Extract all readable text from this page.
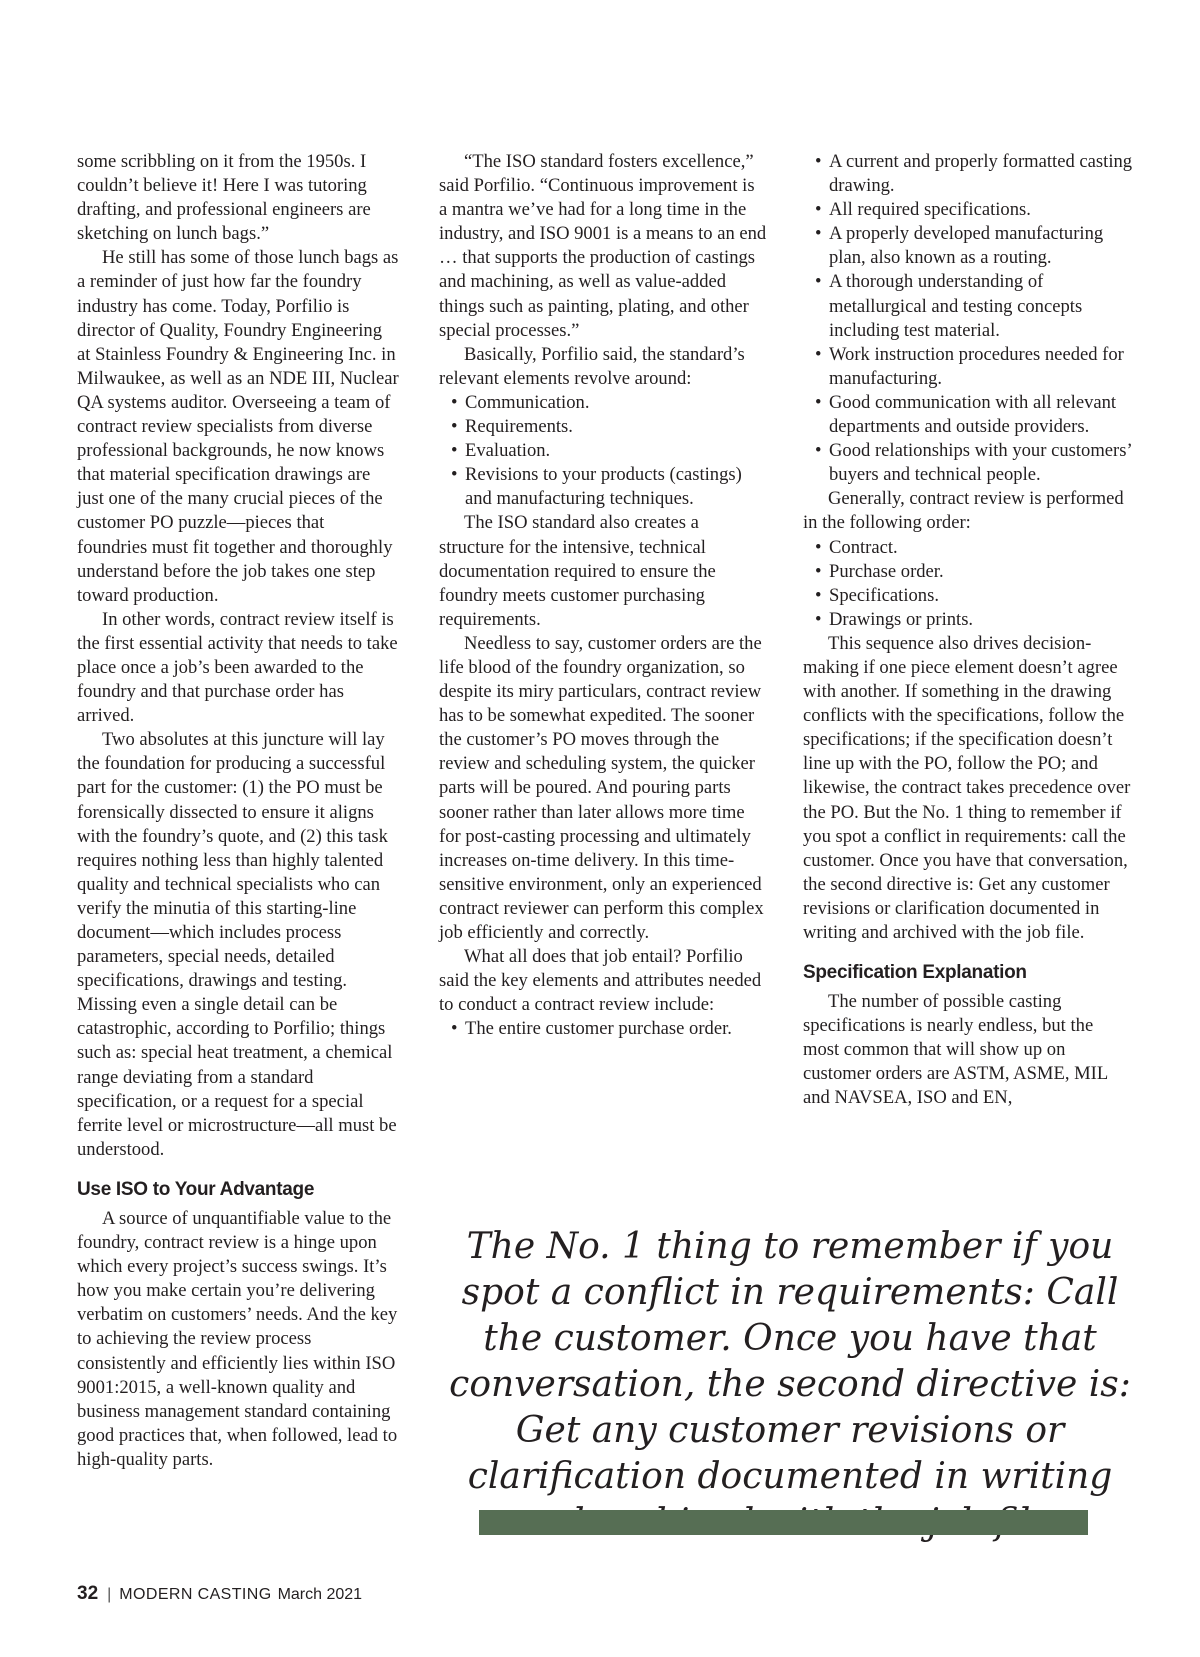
some scribbling on it from the 1950s. I couldn’t believe it! Here I was tutoring drafting, and professional engineers are sketching on lunch bags.”

He still has some of those lunch bags as a reminder of just how far the foundry industry has come. Today, Porfilio is director of Quality, Foundry Engineering at Stainless Foundry & Engineering Inc. in Milwaukee, as well as an NDE III, Nuclear QA systems auditor. Overseeing a team of contract review specialists from diverse professional backgrounds, he now knows that material specification drawings are just one of the many crucial pieces of the customer PO puzzle—pieces that foundries must fit together and thoroughly understand before the job takes one step toward production.

In other words, contract review itself is the first essential activity that needs to take place once a job’s been awarded to the foundry and that purchase order has arrived.

Two absolutes at this juncture will lay the foundation for producing a successful part for the customer: (1) the PO must be forensically dissected to ensure it aligns with the foundry’s quote, and (2) this task requires nothing less than highly talented quality and technical specialists who can verify the minutia of this starting-line document—which includes process parameters, special needs, detailed specifications, drawings and testing. Missing even a single detail can be catastrophic, according to Porfilio; things such as: special heat treatment, a chemical range deviating from a standard specification, or a request for a special ferrite level or microstructure—all must be understood.

Use ISO to Your Advantage

A source of unquantifiable value to the foundry, contract review is a hinge upon which every project’s success swings. It’s how you make certain you’re delivering verbatim on customers’ needs. And the key to achieving the review process consistently and efficiently lies within ISO 9001:2015, a well-known quality and business management standard containing good practices that, when followed, lead to high-quality parts.

“The ISO standard fosters excellence,” said Porfilio. “Continuous improvement is a mantra we’ve had for a long time in the industry, and ISO 9001 is a means to an end … that supports the production of castings and machining, as well as value-added things such as painting, plating, and other special processes.”

Basically, Porfilio said, the standard’s relevant elements revolve around:

• Communication.
• Requirements.
• Evaluation.
• Revisions to your products (castings) and manufacturing techniques.

The ISO standard also creates a structure for the intensive, technical documentation required to ensure the foundry meets customer purchasing requirements.

Needless to say, customer orders are the life blood of the foundry organization, so despite its miry particulars, contract review has to be somewhat expedited. The sooner the customer’s PO moves through the review and scheduling system, the quicker parts will be poured. And pouring parts sooner rather than later allows more time for post-casting processing and ultimately increases on-time delivery. In this time-sensitive environment, only an experienced contract reviewer can perform this complex job efficiently and correctly.

What all does that job entail? Porfilio said the key elements and attributes needed to conduct a contract review include:

• The entire customer purchase order.
• A current and properly formatted casting drawing.
• All required specifications.
• A properly developed manufacturing plan, also known as a routing.
• A thorough understanding of metallurgical and testing concepts including test material.
• Work instruction procedures needed for manufacturing.
• Good communication with all relevant departments and outside providers.
• Good relationships with your customers’ buyers and technical people.

Generally, contract review is performed in the following order:

• Contract.
• Purchase order.
• Specifications.
• Drawings or prints.

This sequence also drives decision-making if one piece element doesn’t agree with another. If something in the drawing conflicts with the specifications, follow the specifications; if the specification doesn’t line up with the PO, follow the PO; and likewise, the contract takes precedence over the PO. But the No. 1 thing to remember if you spot a conflict in requirements: call the customer. Once you have that conversation, the second directive is: Get any customer revisions or clarification documented in writing and archived with the job file.

Specification Explanation

The number of possible casting specifications is nearly endless, but the most common that will show up on customer orders are ASTM, ASME, MIL and NAVSEA, ISO and EN,

The No. 1 thing to remember if you spot a conflict in requirements: Call the customer. Once you have that conversation, the second directive is: Get any customer revisions or clarification documented in writing

32 | MODERN CASTING March 2021
